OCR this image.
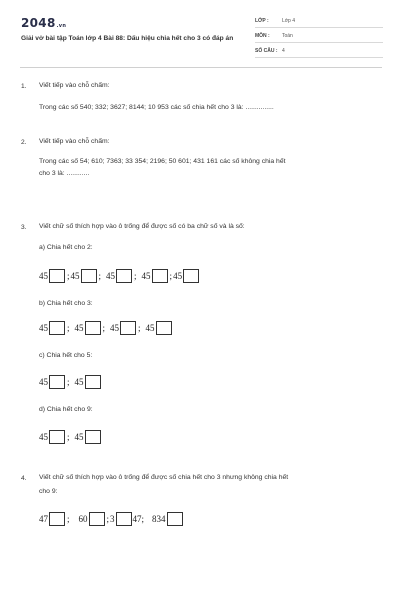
2048.vn
Giải vở bài tập Toán lớp 4 Bài 88: Dấu hiệu chia hết cho 3 có đáp án
LỚP :	Lớp 4
MÔN : Toán
SỐ CÂU : 4
1. Viết tiếp vào chỗ chấm:
Trong các số 540; 332; 3627; 8144; 10 953 các số chia hết cho 3 là: ...............
2. Viết tiếp vào chỗ chấm:
Trong các số 54; 610; 7363; 33 354; 2196; 50 601; 431 161 các số không chia hết
cho 3 là: ............
3. Viết chữ số thích hợp vào ô trống để được số có ba chữ số và là số:
a) Chia hết cho 2:
45 ; 45 ; 45 ; 45 ; 45
b) Chia hết cho 3:
45 ; 45 ; 45 ; 45
c) Chia hết cho 5:
45 ; 45
d) Chia hết cho 9:
45 ; 45
4. Viết chữ số thích hợp vào ô trống để được số chia hết cho 3 nhưng không chia hết
cho 9:
47 ; 60 ; 3 47; 834
